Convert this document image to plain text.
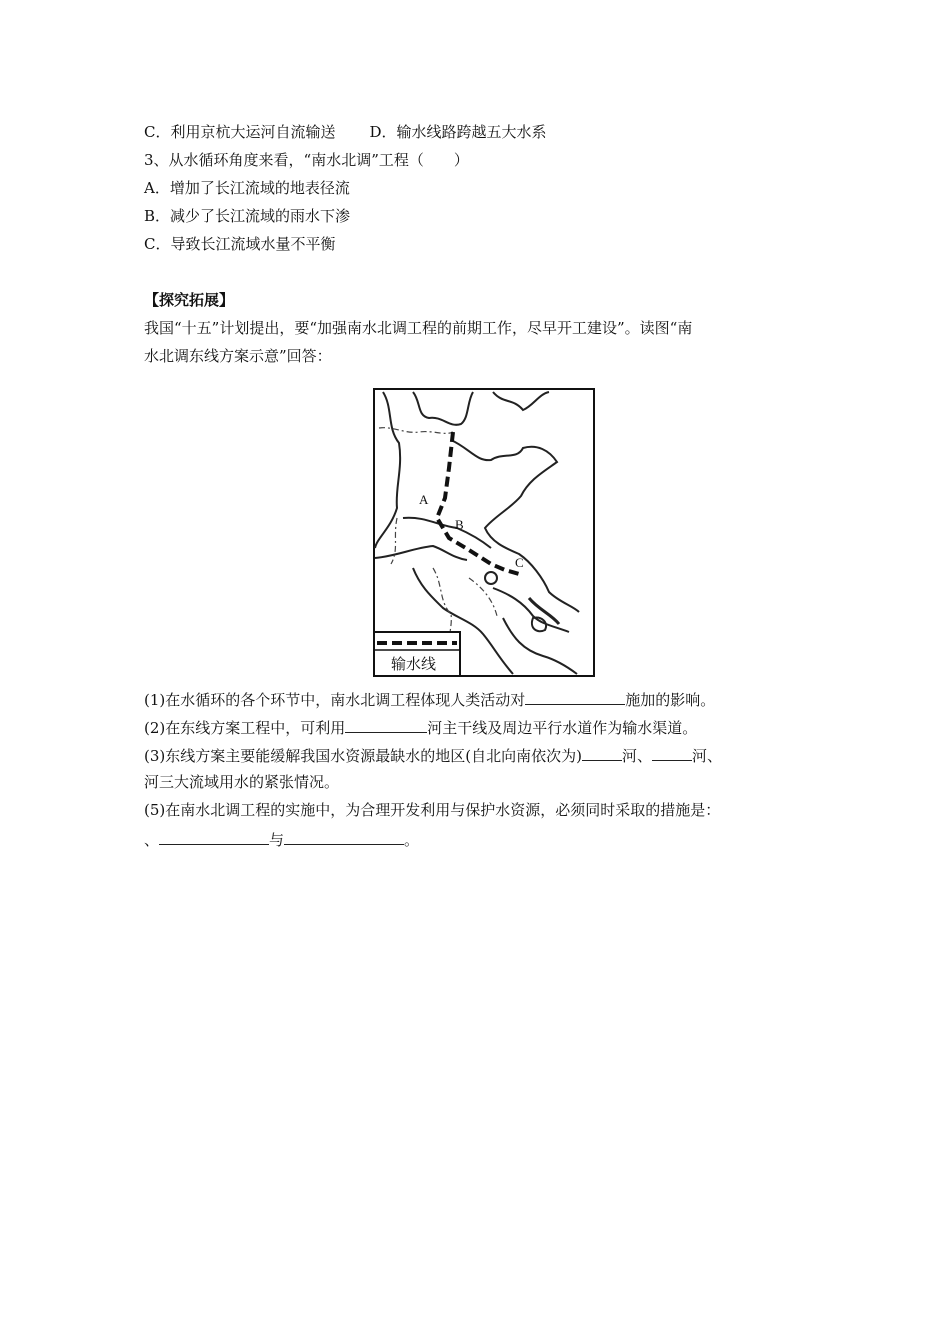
C．利用京杭大运河自流输送 D．输水线路跨越五大水系
3、从水循环角度来看，“南水北调”工程（　　）
A．增加了长江流域的地表径流
B．减少了长江流域的雨水下渗
C．导致长江流域水量不平衡
【探究拓展】
我国“十五”计划提出，要“加强南水北调工程的前期工作，尽早开工建设”。读图“南
水北调东线方案示意”回答：
A
B
C
输水线
(1)在水循环的各个环节中，南水北调工程体现人类活动对	施加的影响。
(2)在东线方案工程中，可利用	河主干线及周边平行水道作为输水渠道。
(3)东线方案主要能缓解我国水资源最缺水的地区(自北向南依次为)	河、	河、
河三大流域用水的紧张情况。
(5)在南水北调工程的实施中，为合理开发利用与保护水资源，必须同时采取的措施是：
、	与	。
